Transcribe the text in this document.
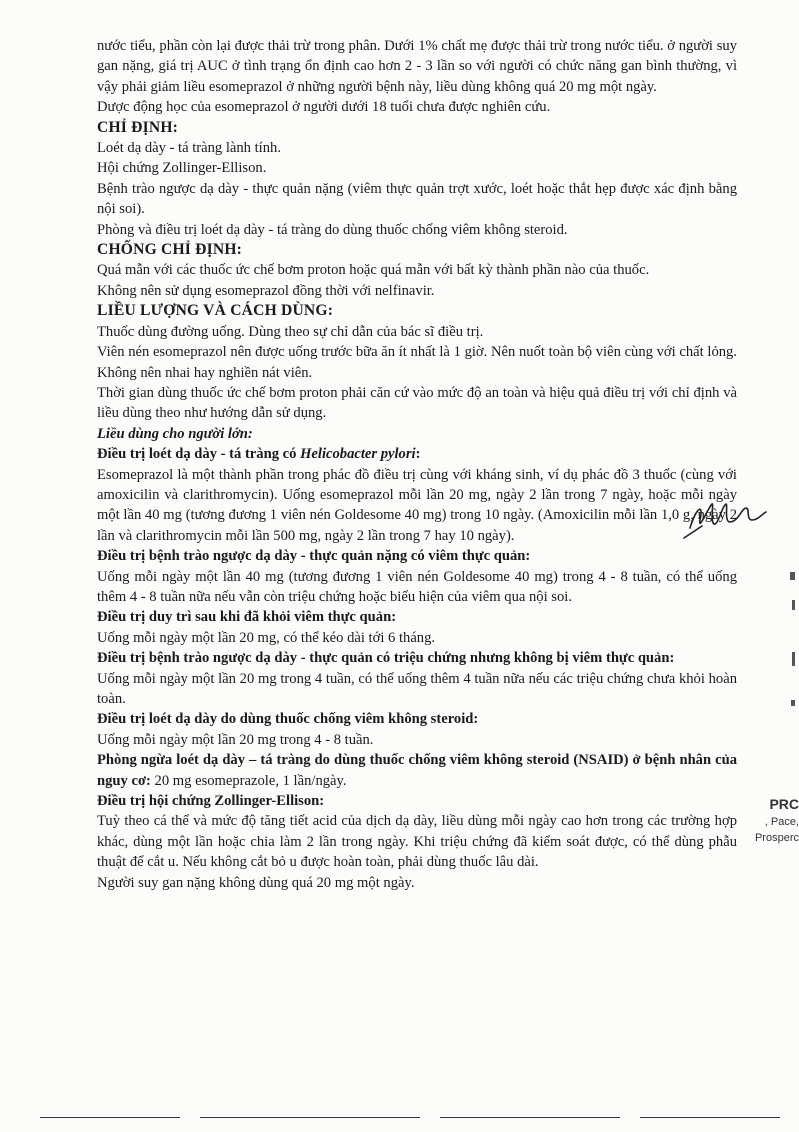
nước tiểu, phần còn lại được thải trừ trong phân. Dưới 1% chất mẹ được thải trừ trong nước tiểu. ở người suy gan nặng, giá trị AUC ở tình trạng ổn định cao hơn 2 - 3 lần so với người có chức năng gan bình thường, vì vậy phải giảm liều esomeprazol ở những người bệnh này, liều dùng không quá 20 mg một ngày.

Dược động học của esomeprazol ở người dưới 18 tuổi chưa được nghiên cứu.

CHỈ ĐỊNH:

Loét dạ dày - tá tràng lành tính.

Hội chứng Zollinger-Ellison.

Bệnh trào ngược dạ dày - thực quản nặng (viêm thực quản trợt xước, loét hoặc thắt hẹp được xác định bằng nội soi).

Phòng và điều trị loét dạ dày - tá tràng do dùng thuốc chống viêm không steroid.

CHỐNG CHỈ ĐỊNH:

Quá mẫn với các thuốc ức chế bơm proton hoặc quá mẫn với bất kỳ thành phần nào của thuốc.

Không nên sử dụng esomeprazol đồng thời với nelfinavir.

LIỀU LƯỢNG VÀ CÁCH DÙNG:

Thuốc dùng đường uống. Dùng theo sự chỉ dẫn của bác sĩ điều trị.

Viên nén esomeprazol nên được uống trước bữa ăn ít nhất là 1 giờ. Nên nuốt toàn bộ viên cùng với chất lỏng. Không nên nhai hay nghiền nát viên.

Thời gian dùng thuốc ức chế bơm proton phải căn cứ vào mức độ an toàn và hiệu quả điều trị với chỉ định và liều dùng theo như hướng dẫn sử dụng.

Liều dùng cho người lớn:

Điều trị loét dạ dày - tá tràng có Helicobacter pylori:

Esomeprazol là một thành phần trong phác đồ điều trị cùng với kháng sinh, ví dụ phác đồ 3 thuốc (cùng với amoxicilin và clarithromycin). Uống esomeprazol mỗi lần 20 mg, ngày 2 lần trong 7 ngày, hoặc mỗi ngày một lần 40 mg (tương đương 1 viên nén Goldesome 40 mg) trong 10 ngày. (Amoxicilin mỗi lần 1,0 g, ngày 2 lần và clarithromycin mỗi lần 500 mg, ngày 2 lần trong 7 hay 10 ngày).

Điều trị bệnh trào ngược dạ dày - thực quản nặng có viêm thực quản:

Uống mỗi ngày một lần 40 mg (tương đương 1 viên nén Goldesome 40 mg) trong 4 - 8 tuần, có thể uống thêm 4 - 8 tuần nữa nếu vẫn còn triệu chứng hoặc biểu hiện của viêm qua nội soi.

Điều trị duy trì sau khi đã khỏi viêm thực quản:

Uống mỗi ngày một lần 20 mg, có thể kéo dài tới 6 tháng.

Điều trị bệnh trào ngược dạ dày - thực quản có triệu chứng nhưng không bị viêm thực quản:

Uống mỗi ngày một lần 20 mg trong 4 tuần, có thể uống thêm 4 tuần nữa nếu các triệu chứng chưa khỏi hoàn toàn.

Điều trị loét dạ dày do dùng thuốc chống viêm không steroid:

Uống mỗi ngày một lần 20 mg trong 4 - 8 tuần.

Phòng ngừa loét dạ dày – tá tràng do dùng thuốc chống viêm không steroid (NSAID) ở bệnh nhân của nguy cơ: 20 mg esomeprazole, 1 lần/ngày.

Điều trị hội chứng Zollinger-Ellison:

Tuỳ theo cá thể và mức độ tăng tiết acid của dịch dạ dày, liều dùng mỗi ngày cao hơn trong các trường hợp khác, dùng một lần hoặc chia làm 2 lần trong ngày. Khi triệu chứng đã kiểm soát được, có thể dùng phẫu thuật để cắt u. Nếu không cắt bỏ u được hoàn toàn, phải dùng thuốc lâu dài.

Người suy gan nặng không dùng quá 20 mg một ngày.

PRC
, Pace,
Prosperc
